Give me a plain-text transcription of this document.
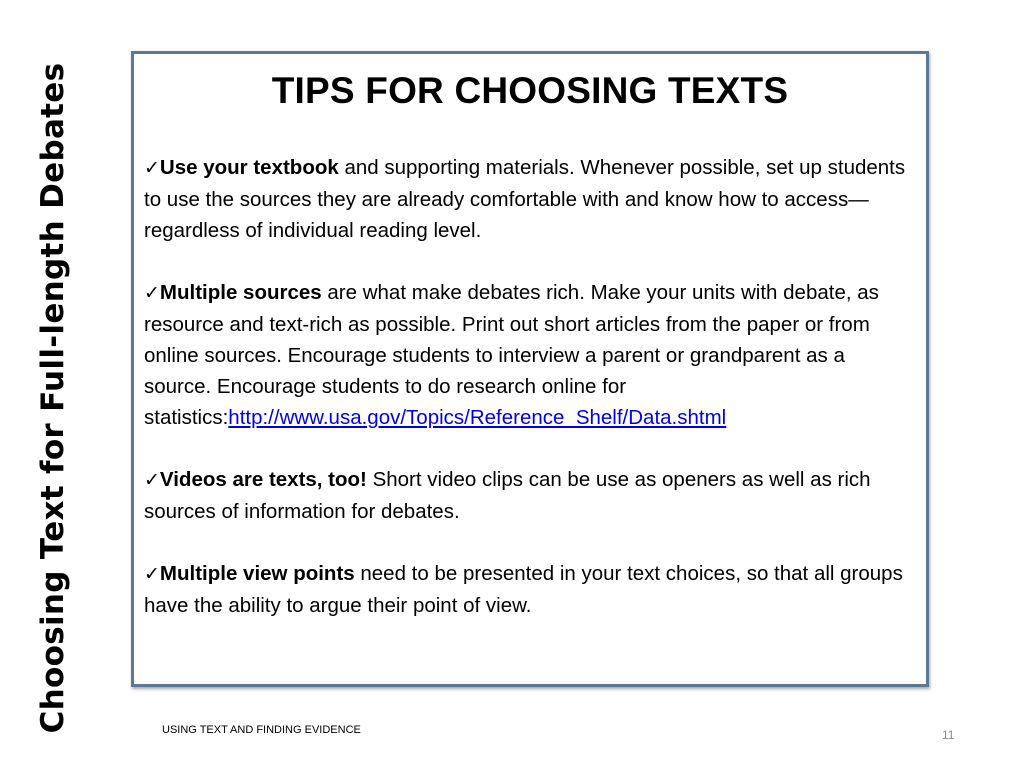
Choosing Text for Full-length Debates	TIPS FOR CHOOSING TEXTS

✓Use your textbook and supporting materials. Whenever possible, set up students to use the sources they are already comfortable with and know how to access—regardless of individual reading level.

✓Multiple sources are what make debates rich. Make your units with debate, as resource and text-rich as possible. Print out short articles from the paper or from online sources. Encourage students to interview a parent or grandparent as a source. Encourage students to do research online for statistics:http://www.usa.gov/Topics/Reference_Shelf/Data.shtml

✓Videos are texts, too! Short video clips can be use as openers as well as rich sources of information for debates.

✓Multiple view points need to be presented in your text choices, so that all groups have the ability to argue their point of view.

USING TEXT AND FINDING EVIDENCE	11
